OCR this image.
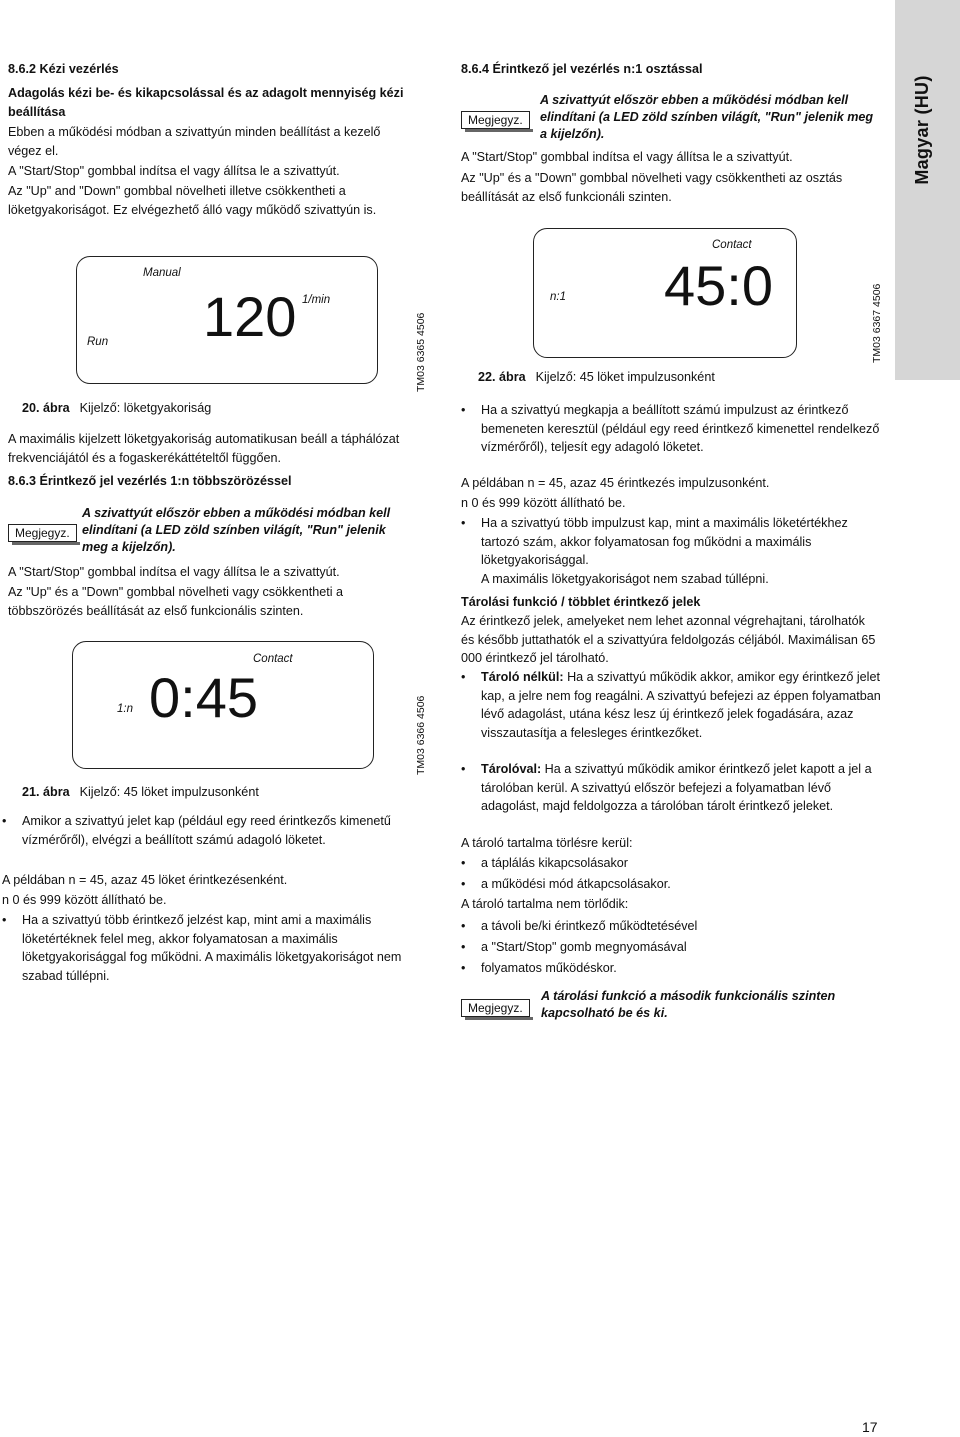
Magyar (HU)
8.6.2 Kézi vezérlés
Adagolás kézi be- és kikapcsolással és az adagolt mennyiség kézi beállítása
Ebben a működési módban a szivattyún minden beállítást a kezelő végez el.
A "Start/Stop" gombbal indítsa el vagy állítsa le a szivattyút.
Az "Up" and "Down" gombbal növelheti illetve csökkentheti a löketgyakoriságot. Ez elvégezhető álló vagy működő szivattyún is.
Manual
Run 120 1/min
TM03 6365 4506
20. ábra Kijelző: löketgyakoriság
A maximális kijelzett löketgyakoriság automatikusan beáll a táphálózat frekvenciájától és a fogaskerékáttételtől függően.
8.6.3 Érintkező jel vezérlés 1:n többszörözéssel
Megjegyz.
A szivattyút először ebben a működési módban kell elindítani (a LED zöld színben világít, "Run" jelenik meg a kijelzőn).
A "Start/Stop" gombbal indítsa el vagy állítsa le a szivattyút.
Az "Up" és a "Down" gombbal növelheti vagy csökkentheti a többszörözés beállítását az első funkcionális szinten.
Contact
1:n 0:45	TM03 6366 4506
21. ábra Kijelző: 45 löket impulzusonként
• Amikor a szivattyú jelet kap (például egy reed érintkezős kimenetű vízmérőről), elvégzi a beállított számú adagoló löketet.
A példában n = 45, azaz 45 löket érintkezésenként.
n 0 és 999 között állítható be.
• Ha a szivattyú több érintkező jelzést kap, mint ami a maximális löketértéknek felel meg, akkor folyamatosan a maximális löketgyakorisággal fog működni. A maximális löketgyakoriságot nem szabad túllépni.
8.6.4 Érintkező jel vezérlés n:1 osztással
Megjegyz.
A szivattyút először ebben a működési módban kell elindítani (a LED zöld színben világít, "Run" jelenik meg a kijelzőn).
A "Start/Stop" gombbal indítsa el vagy állítsa le a szivattyút.
Az "Up" és a "Down" gombbal növelheti vagy csökkentheti az osztás beállítását az első funkcionáli szinten.
Contact
n:1 45:0	TM03 6367 4506
22. ábra Kijelző: 45 löket impulzusonként
• Ha a szivattyú megkapja a beállított számú impulzust az érintkező bemeneten keresztül (például egy reed érintkező kimenettel rendelkező vízmérőről), teljesít egy adagoló löketet.
A példában n = 45, azaz 45 érintkezés impulzusonként.
n 0 és 999 között állítható be.
• Ha a szivattyú több impulzust kap, mint a maximális löketértékhez tartozó szám, akkor folyamatosan fog működni a maximális löketgyakorisággal.
A maximális löketgyakoriságot nem szabad túllépni.
Tárolási funkció / többlet érintkező jelek
Az érintkező jelek, amelyeket nem lehet azonnal végrehajtani, tárolhatók és később juttathatók el a szivattyúra feldolgozás céljából. Maximálisan 65 000 érintkező jel tárolható.
• Tároló nélkül: Ha a szivattyú működik akkor, amikor egy érintkező jelet kap, a jelre nem fog reagálni. A szivattyú befejezi az éppen folyamatban lévő adagolást, utána kész lesz új érintkező jelek fogadására, azaz visszautasítja a felesleges érintkezőket.
• Tárolóval: Ha a szivattyú működik amikor érintkező jelet kapott a jel a tárolóban kerül. A szivattyú először befejezi a folyamatban lévő adagolást, majd feldolgozza a tárolóban tárolt érintkező jeleket.
A tároló tartalma törlésre kerül:
• a táplálás kikapcsolásakor
• a működési mód átkapcsolásakor.
A tároló tartalma nem törlődik:
• a távoli be/ki érintkező működtetésével
• a "Start/Stop" gomb megnyomásával
• folyamatos működéskor.
Megjegyz.
A tárolási funkció a második funkcionális szinten kapcsolható be és ki.
17
